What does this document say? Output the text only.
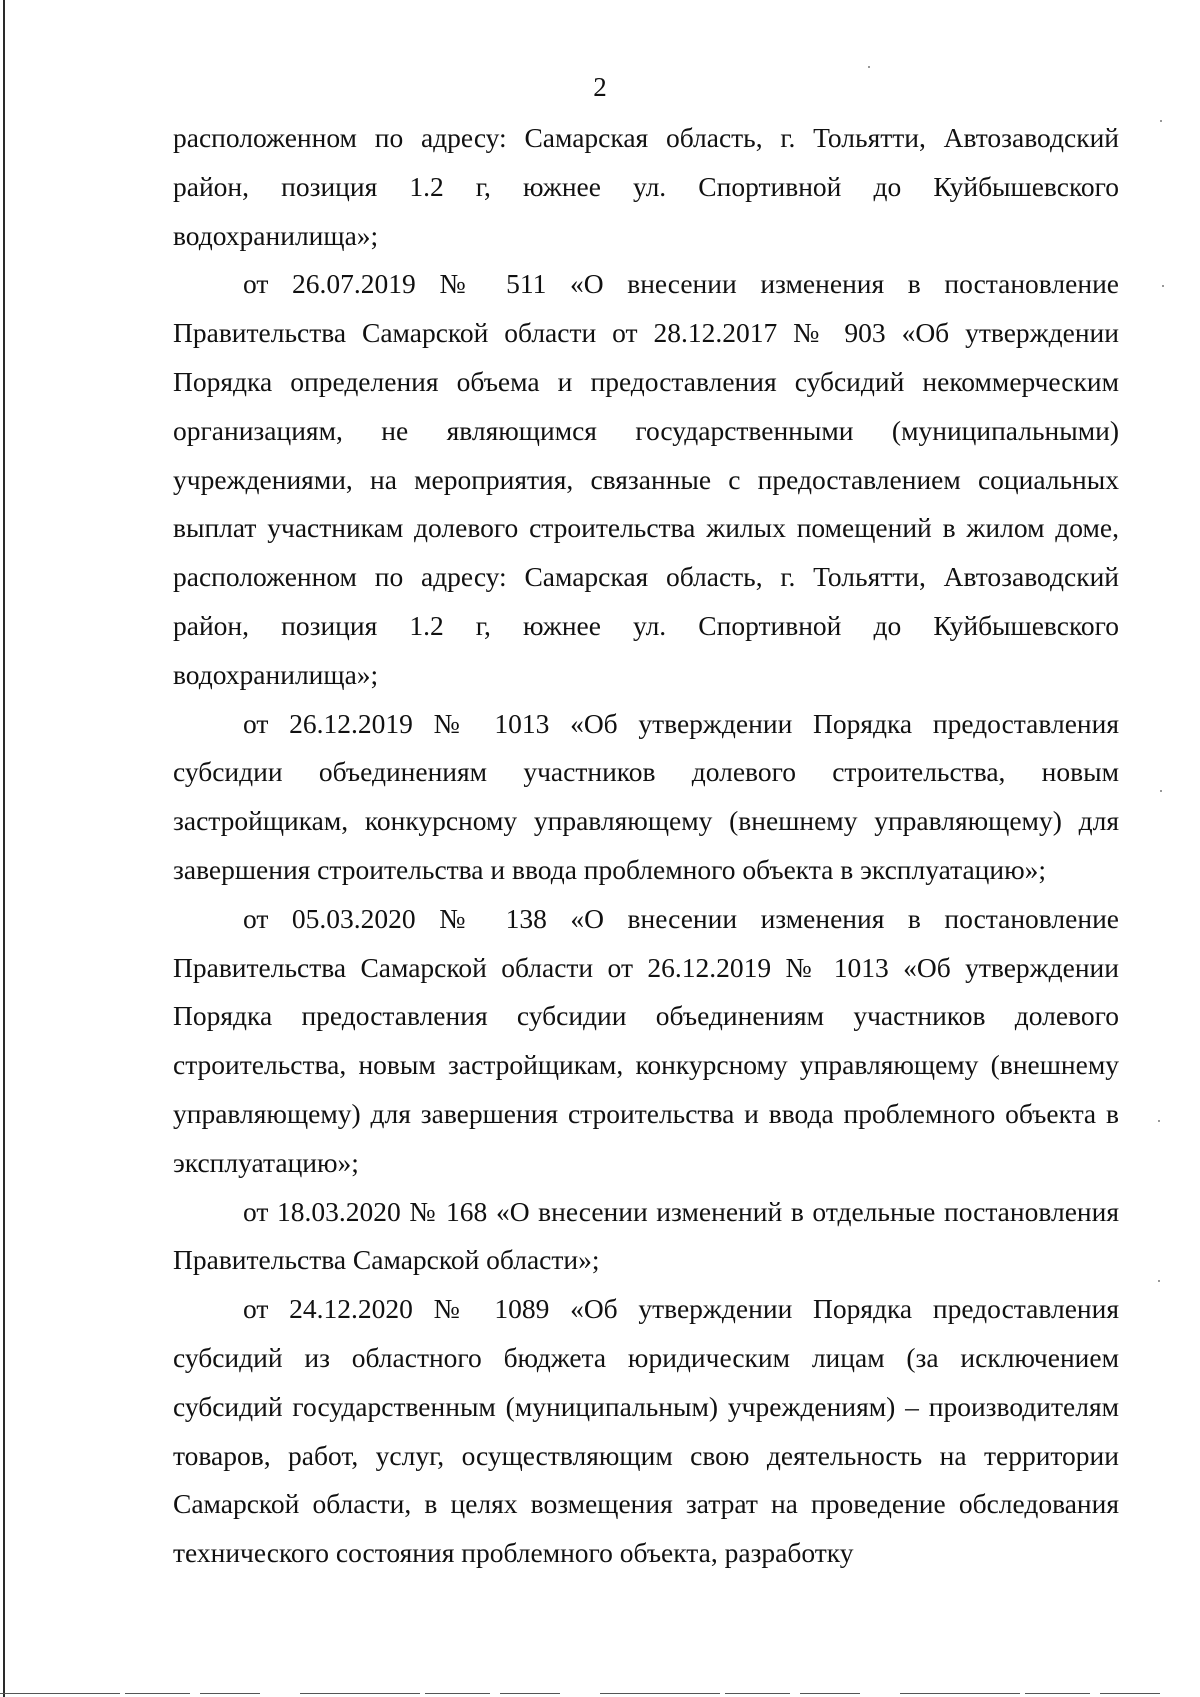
2

расположенном по адресу: Самарская область, г. Тольятти, Автозаводский район, позиция 1.2 г, южнее ул. Спортивной до Куйбышевского водохранилища»;

от 26.07.2019 № 511 «О внесении изменения в постановление Правительства Самарской области от 28.12.2017 № 903 «Об утверждении Порядка определения объема и предоставления субсидий некоммерческим организациям, не являющимся государственными (муниципальными) учреждениями, на мероприятия, связанные с предоставлением социальных выплат участникам долевого строительства жилых помещений в жилом доме, расположенном по адресу: Самарская область, г. Тольятти, Автозаводский район, позиция 1.2 г, южнее ул. Спортивной до Куйбышевского водохранилища»;

от 26.12.2019 № 1013 «Об утверждении Порядка предоставления субсидии объединениям участников долевого строительства, новым застройщикам, конкурсному управляющему (внешнему управляющему) для завершения строительства и ввода проблемного объекта в эксплуатацию»;

от 05.03.2020 № 138 «О внесении изменения в постановление Правительства Самарской области от 26.12.2019 № 1013 «Об утверждении Порядка предоставления субсидии объединениям участников долевого строительства, новым застройщикам, конкурсному управляющему (внешнему управляющему) для завершения строительства и ввода проблемного объекта в эксплуатацию»;

от 18.03.2020 № 168 «О внесении изменений в отдельные постановления Правительства Самарской области»;

от 24.12.2020 № 1089 «Об утверждении Порядка предоставления субсидий из областного бюджета юридическим лицам (за исключением субсидий государственным (муниципальным) учреждениям) – производителям товаров, работ, услуг, осуществляющим свою деятельность на территории Самарской области, в целях возмещения затрат на проведение обследования технического состояния проблемного объекта, разработку
